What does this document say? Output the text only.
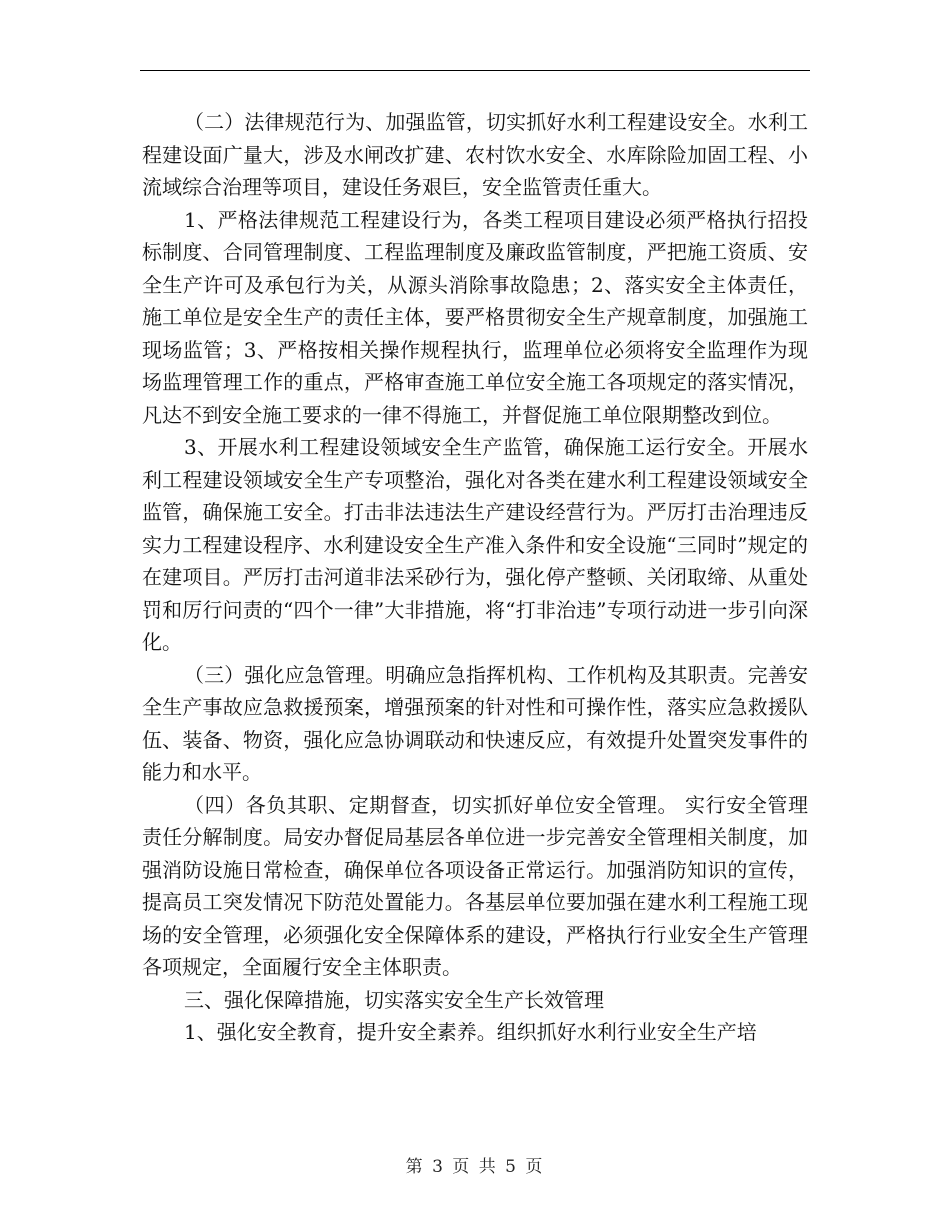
（二）法律规范行为、加强监管，切实抓好水利工程建设安全。水利工程建设面广量大，涉及水闸改扩建、农村饮水安全、水库除险加固工程、小流域综合治理等项目，建设任务艰巨，安全监管责任重大。

1、严格法律规范工程建设行为，各类工程项目建设必须严格执行招投标制度、合同管理制度、工程监理制度及廉政监管制度，严把施工资质、安全生产许可及承包行为关，从源头消除事故隐患；2、落实安全主体责任，施工单位是安全生产的责任主体，要严格贯彻安全生产规章制度，加强施工现场监管；3、严格按相关操作规程执行，监理单位必须将安全监理作为现场监理管理工作的重点，严格审查施工单位安全施工各项规定的落实情况，凡达不到安全施工要求的一律不得施工，并督促施工单位限期整改到位。

3、开展水利工程建设领域安全生产监管，确保施工运行安全。开展水利工程建设领域安全生产专项整治，强化对各类在建水利工程建设领域安全监管，确保施工安全。打击非法违法生产建设经营行为。严厉打击治理违反实力工程建设程序、水利建设安全生产准入条件和安全设施“三同时”规定的在建项目。严厉打击河道非法采砂行为，强化停产整顿、关闭取缔、从重处罚和厉行问责的“四个一律”大非措施，将“打非治违”专项行动进一步引向深化。

（三）强化应急管理。明确应急指挥机构、工作机构及其职责。完善安全生产事故应急救援预案，增强预案的针对性和可操作性，落实应急救援队伍、装备、物资，强化应急协调联动和快速反应，有效提升处置突发事件的能力和水平。

（四）各负其职、定期督查，切实抓好单位安全管理。 实行安全管理责任分解制度。局安办督促局基层各单位进一步完善安全管理相关制度，加强消防设施日常检查，确保单位各项设备正常运行。加强消防知识的宣传，提高员工突发情况下防范处置能力。各基层单位要加强在建水利工程施工现场的安全管理，必须强化安全保障体系的建设，严格执行行业安全生产管理各项规定，全面履行安全主体职责。

三、强化保障措施，切实落实安全生产长效管理

1、强化安全教育，提升安全素养。组织抓好水利行业安全生产培

第 3 页 共 5 页
